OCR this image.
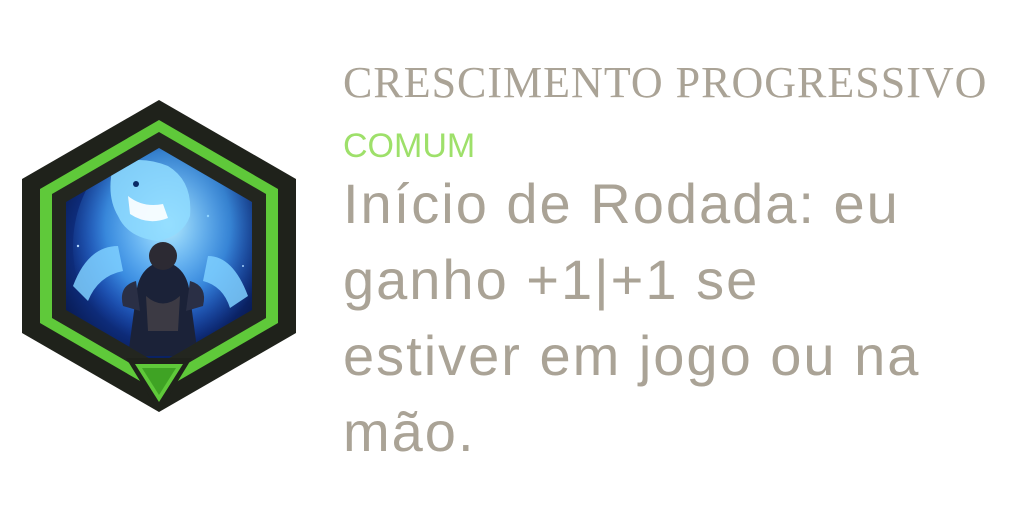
CRESCIMENTO PROGRESSIVO
COMUM
Início de Rodada: eu
ganho +1|+1 se
estiver em jogo ou na
mão.
